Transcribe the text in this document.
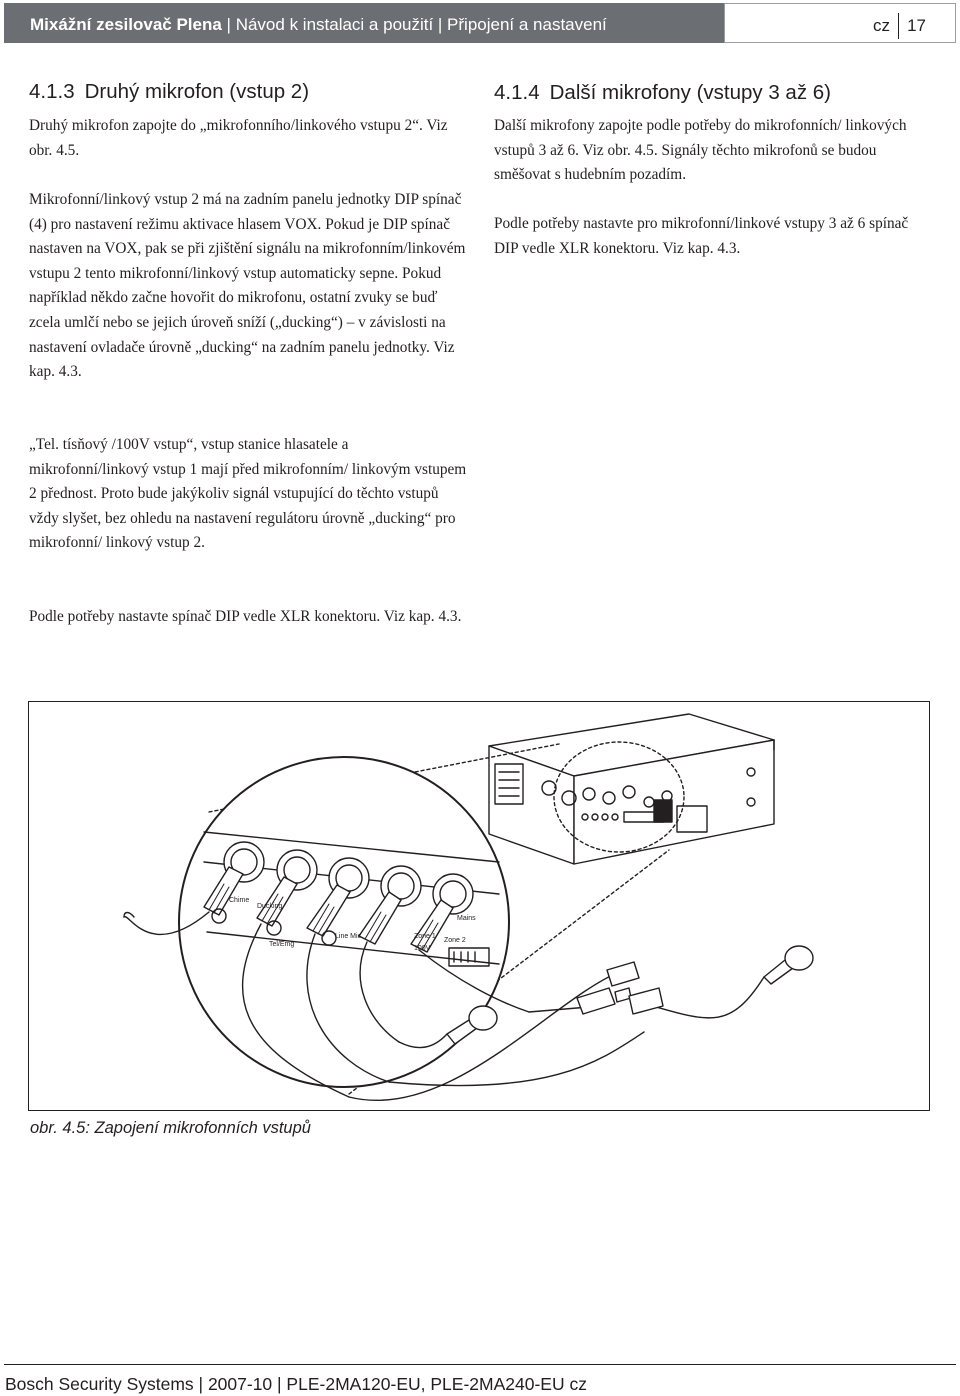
Mixážní zesilovač Plena | Návod k instalaci a použití | Připojení a nastavení	cz 17
4.1.3 Druhý mikrofon (vstup 2)

Druhý mikrofon zapojte do „mikrofonního/linkového vstupu 2“. Viz obr. 4.5.

Mikrofonní/linkový vstup 2 má na zadním panelu jednotky DIP spínač (4) pro nastavení režimu aktivace hlasem VOX. Pokud je DIP spínač nastaven na VOX, pak se při zjištění signálu na mikrofonním/linkovém vstupu 2 tento mikrofonní/linkový vstup automaticky sepne. Pokud například někdo začne hovořit do mikrofonu, ostatní zvuky se buď zcela umlčí nebo se jejich úroveň sníží („ducking“) – v závislosti na nastavení ovladače úrovně „ducking“ na zadním panelu jednotky. Viz kap. 4.3.

„Tel. tísňový /100V vstup“, vstup stanice hlasatele a mikrofonní/linkový vstup 1 mají před mikrofonním/ linkovým vstupem 2 přednost. Proto bude jakýkoliv signál vstupující do těchto vstupů vždy slyšet, bez ohledu na nastavení regulátoru úrovně „ducking“ pro mikrofonní/ linkový vstup 2.

Podle potřeby nastavte spínač DIP vedle XLR konektoru. Viz kap. 4.3.

4.1.4 Další mikrofony (vstupy 3 až 6)

Další mikrofony zapojte podle potřeby do mikrofonních/ linkových vstupů 3 až 6. Viz obr. 4.5. Signály těchto mikrofonů se budou směšovat s hudebním pozadím.

Podle potřeby nastavte pro mikrofonní/linkové vstupy 3 až 6 spínač DIP vedle XLR konektoru. Viz kap. 4.3.

Chime
Ducking
Line Mic	Zone 1
Zone 2
100V
Tel/Emg
Mains
obr. 4.5: Zapojení mikrofonních vstupů
Bosch Security Systems | 2007-10 | PLE-2MA120-EU, PLE-2MA240-EU cz
